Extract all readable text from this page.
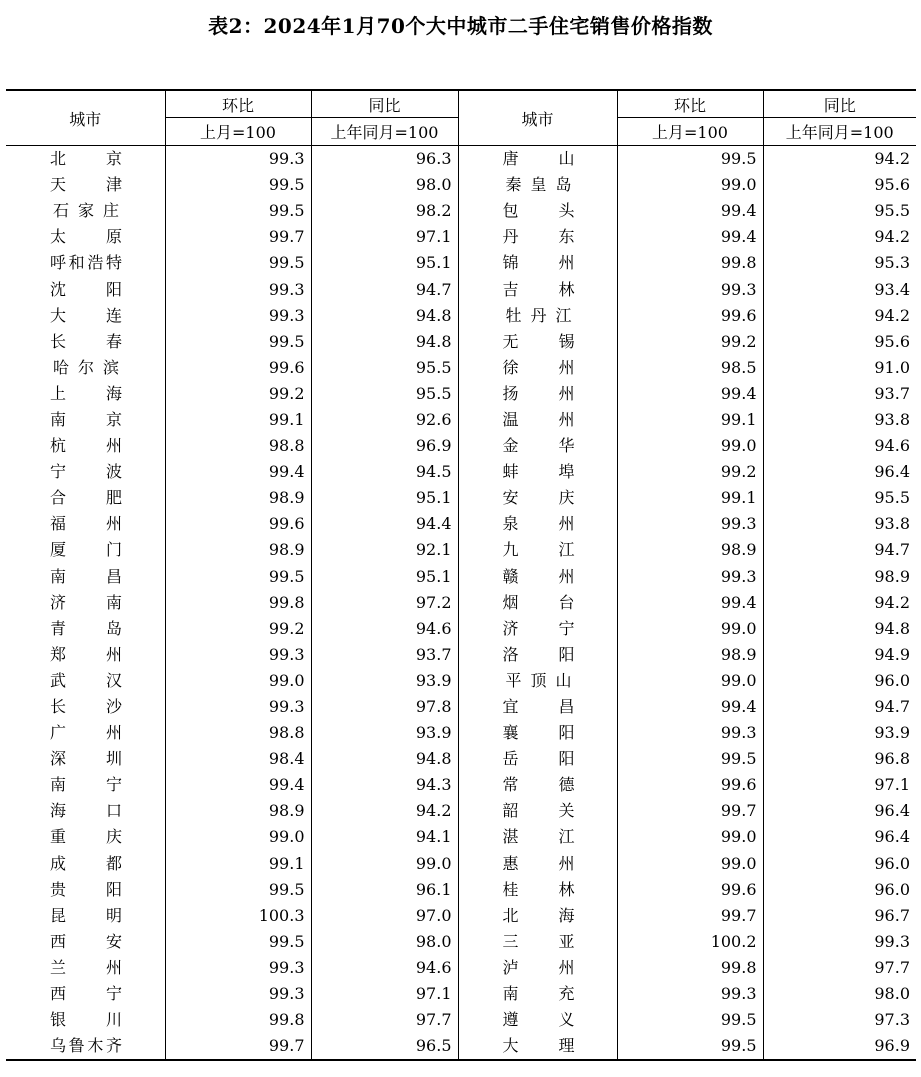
表2：2024年1月70个大中城市二手住宅销售价格指数
城市	环比	同比	城市	环比	同比
	上月=100	上年同月=100		上月=100	上年同月=100
北京	99.3	96.3	唐山	99.5	94.2
天津	99.5	98.0	秦皇岛	99.0	95.6
石家庄	99.5	98.2	包头	99.4	95.5
太原	99.7	97.1	丹东	99.4	94.2
呼和浩特	99.5	95.1	锦州	99.8	95.3
沈阳	99.3	94.7	吉林	99.3	93.4
大连	99.3	94.8	牡丹江	99.6	94.2
长春	99.5	94.8	无锡	99.2	95.6
哈尔滨	99.6	95.5	徐州	98.5	91.0
上海	99.2	95.5	扬州	99.4	93.7
南京	99.1	92.6	温州	99.1	93.8
杭州	98.8	96.9	金华	99.0	94.6
宁波	99.4	94.5	蚌埠	99.2	96.4
合肥	98.9	95.1	安庆	99.1	95.5
福州	99.6	94.4	泉州	99.3	93.8
厦门	98.9	92.1	九江	98.9	94.7
南昌	99.5	95.1	赣州	99.3	98.9
济南	99.8	97.2	烟台	99.4	94.2
青岛	99.2	94.6	济宁	99.0	94.8
郑州	99.3	93.7	洛阳	98.9	94.9
武汉	99.0	93.9	平顶山	99.0	96.0
长沙	99.3	97.8	宜昌	99.4	94.7
广州	98.8	93.9	襄阳	99.3	93.9
深圳	98.4	94.8	岳阳	99.5	96.8
南宁	99.4	94.3	常德	99.6	97.1
海口	98.9	94.2	韶关	99.7	96.4
重庆	99.0	94.1	湛江	99.0	96.4
成都	99.1	99.0	惠州	99.0	96.0
贵阳	99.5	96.1	桂林	99.6	96.0
昆明	100.3	97.0	北海	99.7	96.7
西安	99.5	98.0	三亚	100.2	99.3
兰州	99.3	94.6	泸州	99.8	97.7
西宁	99.3	97.1	南充	99.3	98.0
银川	99.8	97.7	遵义	99.5	97.3
乌鲁木齐	99.7	96.5	大理	99.5	96.9
